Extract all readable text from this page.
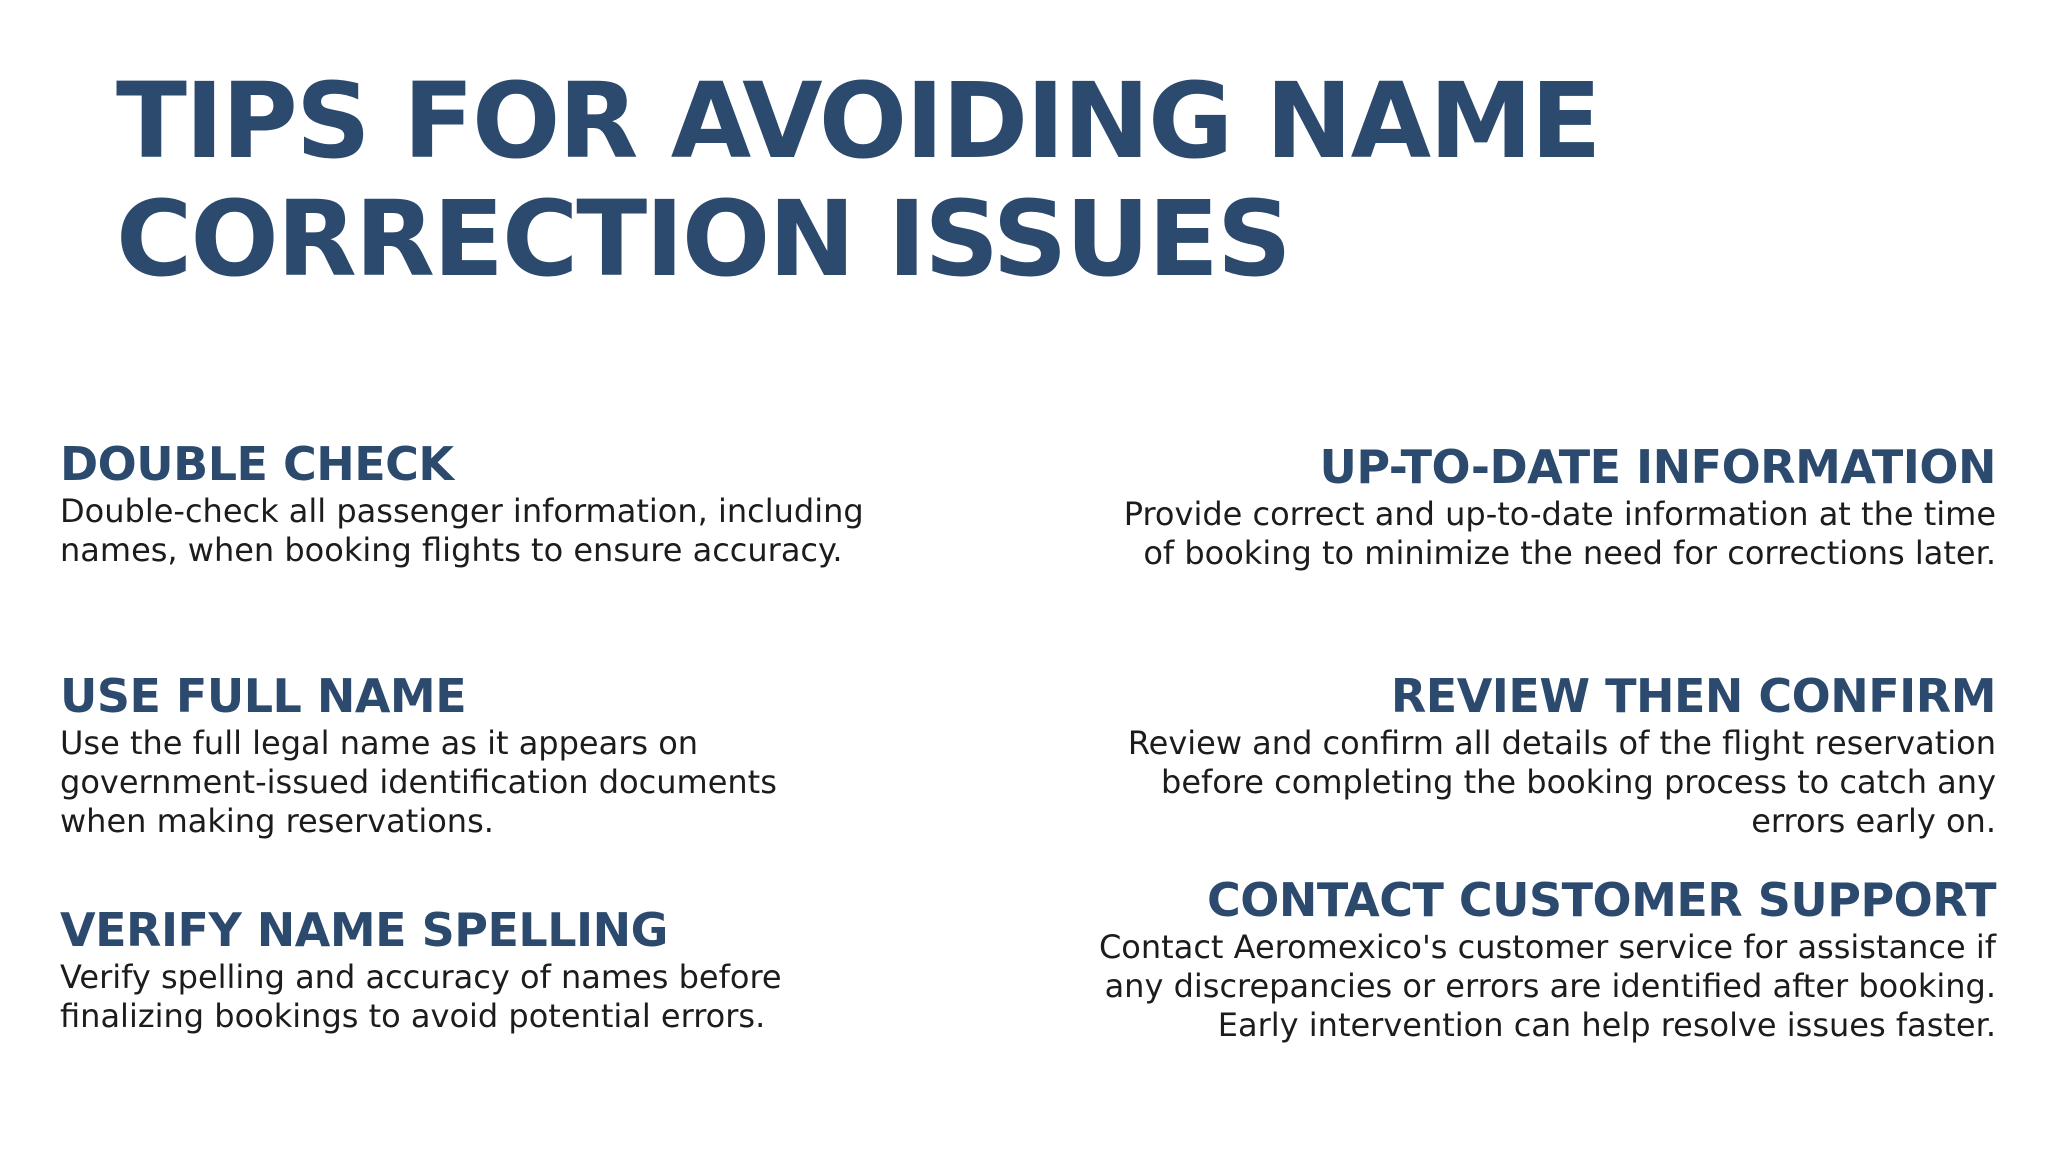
TIPS FOR AVOIDING NAME
CORRECTION ISSUES
DOUBLE CHECK

Double-check all passenger information, including
names, when booking flights to ensure accuracy.

USE FULL NAME

Use the full legal name as it appears on
government-issued identification documents
when making reservations.

VERIFY NAME SPELLING

Verify spelling and accuracy of names before
finalizing bookings to avoid potential errors.

UP-TO-DATE INFORMATION

Provide correct and up-to-date information at the time
of booking to minimize the need for corrections later.

REVIEW THEN CONFIRM

Review and confirm all details of the flight reservation
before completing the booking process to catch any
errors early on.

CONTACT CUSTOMER SUPPORT

Contact Aeromexico's customer service for assistance if
any discrepancies or errors are identified after booking.
Early intervention can help resolve issues faster.
